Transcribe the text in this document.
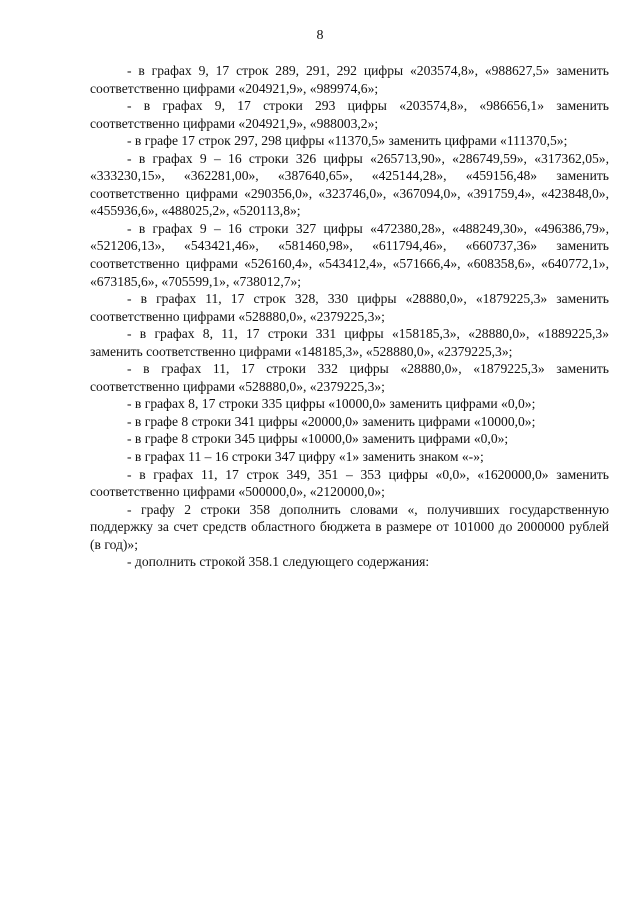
8

- в графах 9, 17 строк 289, 291, 292 цифры «203574,8», «988627,5» заменить соответственно цифрами «204921,9», «989974,6»;

- в графах 9, 17 строки 293 цифры «203574,8», «986656,1» заменить соответственно цифрами «204921,9», «988003,2»;

- в графе 17 строк 297, 298 цифры «11370,5» заменить цифрами «111370,5»;

- в графах 9 – 16 строки 326 цифры «265713,90», «286749,59», «317362,05», «333230,15», «362281,00», «387640,65», «425144,28», «459156,48» заменить соответственно цифрами «290356,0», «323746,0», «367094,0», «391759,4», «423848,0», «455936,6», «488025,2», «520113,8»;

- в графах 9 – 16 строки 327 цифры «472380,28», «488249,30», «496386,79», «521206,13», «543421,46», «581460,98», «611794,46», «660737,36» заменить соответственно цифрами «526160,4», «543412,4», «571666,4», «608358,6», «640772,1», «673185,6», «705599,1», «738012,7»;

- в графах 11, 17 строк 328, 330 цифры «28880,0», «1879225,3» заменить соответственно цифрами «528880,0», «2379225,3»;

- в графах 8, 11, 17 строки 331 цифры «158185,3», «28880,0», «1889225,3» заменить соответственно цифрами «148185,3», «528880,0», «2379225,3»;

- в графах 11, 17 строки 332 цифры «28880,0», «1879225,3» заменить соответственно цифрами «528880,0», «2379225,3»;

- в графах 8, 17 строки 335 цифры «10000,0» заменить цифрами «0,0»;

- в графе 8 строки 341 цифры «20000,0» заменить цифрами «10000,0»;

- в графе 8 строки 345 цифры «10000,0» заменить цифрами «0,0»;

- в графах 11 – 16 строки 347 цифру «1» заменить знаком «-»;

- в графах 11, 17 строк 349, 351 – 353 цифры «0,0», «1620000,0» заменить соответственно цифрами «500000,0», «2120000,0»;

- графу 2 строки 358 дополнить словами «, получивших государственную поддержку за счет средств областного бюджета в размере от 101000 до 2000000 рублей (в год)»;

- дополнить строкой 358.1 следующего содержания:
